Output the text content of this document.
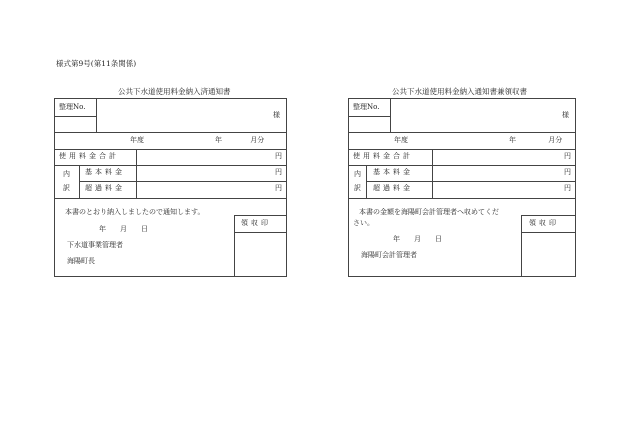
様式第9号(第11条関係)
公共下水道使用料金納入済通知書	公共下水道使用料金納入通知書兼領収書
整理No.
様
年度	年 月分
使用料金合計	円
内
訳
基本料金	円
超過料金	円
本書のとおり納入しましたので通知します。
年　　月　　日
下水道事業管理者
海陽町長
領収印
整理No.
様
年度	年 月分
使用料金合計	円
内
訳
基本料金	円
超過料金	円
本書の金額を海陽町会計管理者へ収めてくだ
さい。
年　　月　　日
海陽町会計管理者
領収印
